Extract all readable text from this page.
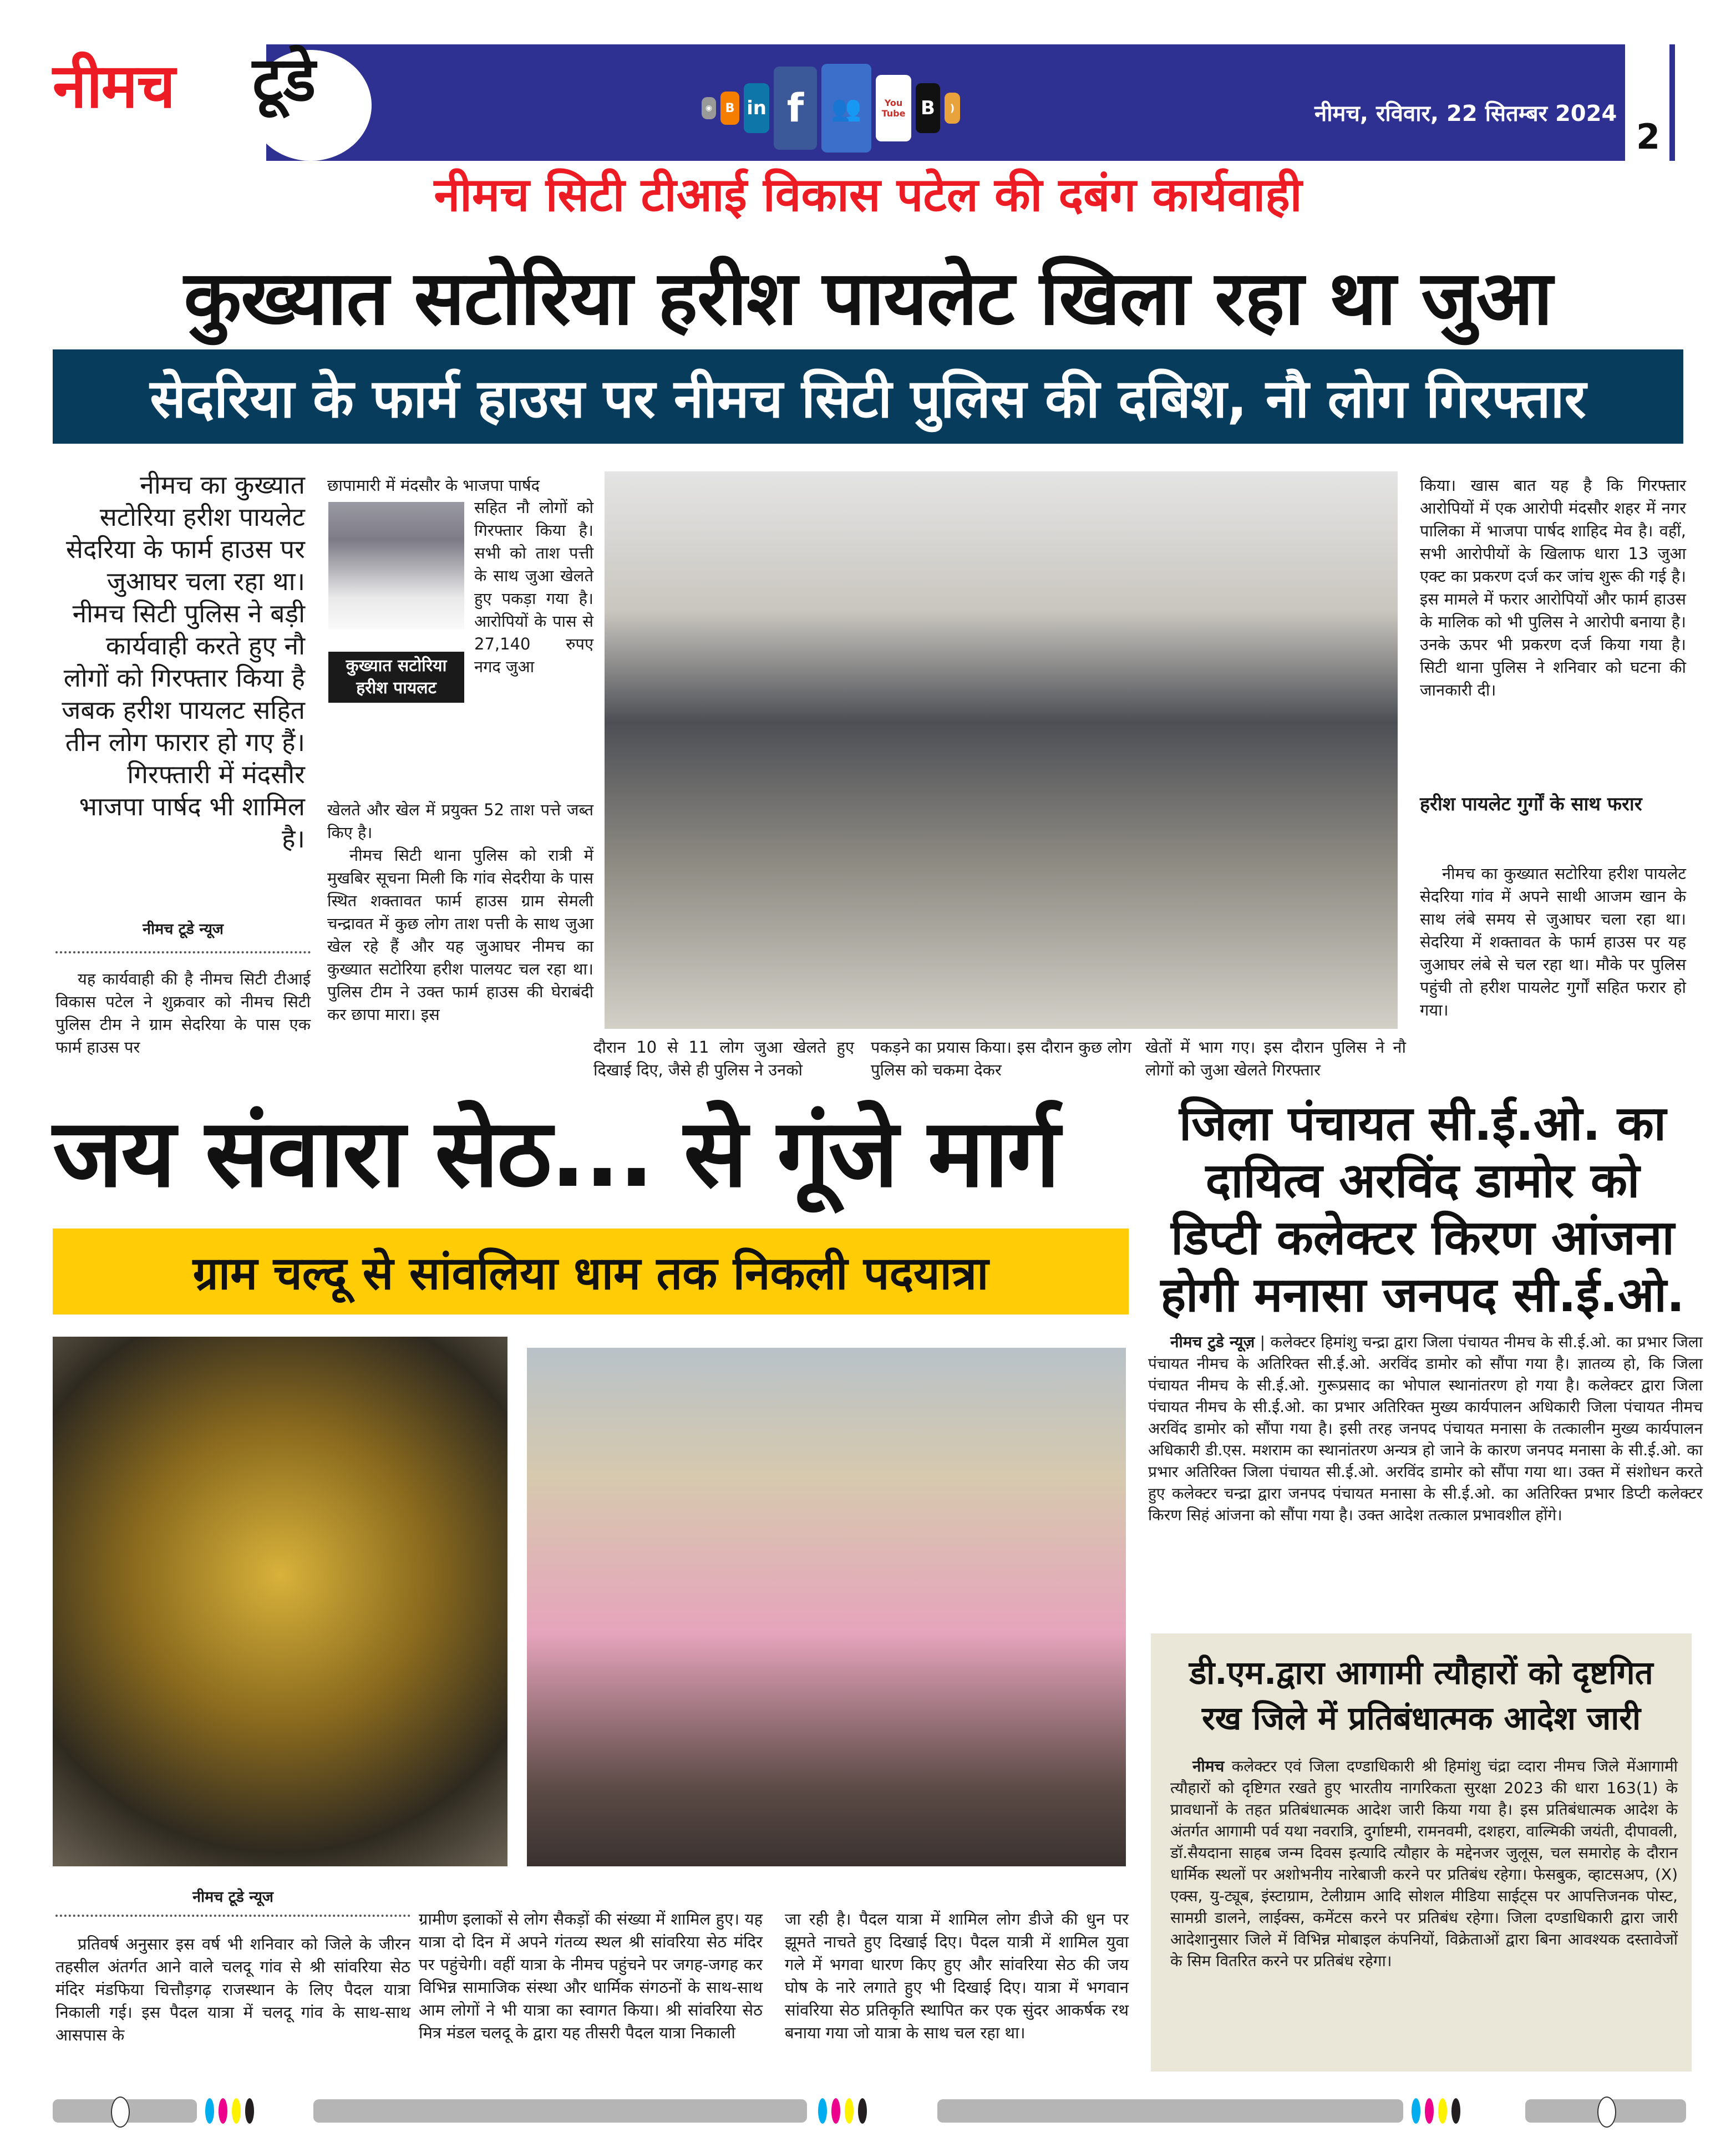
नीमच टूडे	◉	B in f	👥	You Tube B	)	नीमच, रविवार, 22 सितम्बर 2024
2
नीमच सिटी टीआई विकास पटेल की दबंग कार्यवाही
कुख्यात सटोरिया हरीश पायलेट खिला रहा था जुआ
सेदरिया के फार्म हाउस पर नीमच सिटी पुलिस की दबिश, नौ लोग गिरफ्तार
नीमच का कुख्यात सटोरिया हरीश पायलेट सेदरिया के फार्म हाउस पर जुआघर चला रहा था। नीमच सिटी पुलिस ने बड़ी कार्यवाही करते हुए नौ लोगों को गिरफ्तार किया है जबक हरीश पायलट सहित तीन लोग फारार हो गए हैं। गिरफ्तारी में मंदसौर भाजपा पार्षद भी शामिल है।
नीमच टूडे न्यूज
यह कार्यवाही की है नीमच सिटी टीआई विकास पटेल ने शुक्रवार को नीमच सिटी पुलिस टीम ने ग्राम सेदरिया के पास एक फार्म हाउस पर
छापामारी में मंदसौर के भाजपा पार्षद
कुख्यात सटोरिया
हरीश पायलट
सहित नौ लोगों को गिरफ्तार किया है। सभी को ताश पत्ती के साथ जुआ खेलते हुए पकड़ा गया है। आरोपियों के पास से 27,140 रुपए नगद जुआ
खेलते और खेल में प्रयुक्त 52 ताश पत्ते जब्त किए है।
नीमच सिटी थाना पुलिस को रात्री में मुखबिर सूचना मिली कि गांव सेदरीया के पास स्थित शक्तावत फार्म हाउस ग्राम सेमली चन्द्रावत में कुछ लोग ताश पत्ती के साथ जुआ खेल रहे हैं और यह जुआघर नीमच का कुख्यात सटोरिया हरीश पालयट चल रहा था। पुलिस टीम ने उक्त फार्म हाउस की घेराबंदी कर छापा मारा। इस
दौरान 10 से 11 लोग जुआ खेलते हुए दिखाई दिए, जैसे ही पुलिस ने उनको
पकड़ने का प्रयास किया। इस दौरान कुछ लोग पुलिस को चकमा देकर
खेतों में भाग गए। इस दौरान पुलिस ने नौ लोगों को जुआ खेलते गिरफ्तार
किया। खास बात यह है कि गिरफ्तार आरोपियों में एक आरोपी मंदसौर शहर में नगर पालिका में भाजपा पार्षद शाहिद मेव है। वहीं, सभी आरोपीयों के खिलाफ धारा 13 जुआ एक्ट का प्रकरण दर्ज कर जांच शुरू की गई है। इस मामले में फरार आरोपियों और फार्म हाउस के मालिक को भी पुलिस ने आरोपी बनाया है। उनके ऊपर भी प्रकरण दर्ज किया गया है। सिटी थाना पुलिस ने शनिवार को घटना की जानकारी दी।
हरीश पायलेट गुर्गों के साथ फरार
नीमच का कुख्यात सटोरिया हरीश पायलेट सेदरिया गांव में अपने साथी आजम खान के साथ लंबे समय से जुआघर चला रहा था। सेदरिया में शक्तावत के फार्म हाउस पर यह जुआघर लंबे से चल रहा था। मौके पर पुलिस पहुंची तो हरीश पायलेट गुर्गों सहित फरार हो गया।
जय संवारा सेठ... से गूंजे मार्ग
ग्राम चल्दू से सांवलिया धाम तक निकली पदयात्रा
नीमच टूडे न्यूज
प्रतिवर्ष अनुसार इस वर्ष भी शनिवार को जिले के जीरन तहसील अंतर्गत आने वाले चलदू गांव से श्री सांवरिया सेठ मंदिर मंडफिया चित्तौड़गढ़ राजस्थान के लिए पैदल यात्रा निकाली गई। इस पैदल यात्रा में चलदू गांव के साथ-साथ आसपास के
ग्रामीण इलाकों से लोग सैकड़ों की संख्या में शामिल हुए। यह यात्रा दो दिन में अपने गंतव्य स्थल श्री सांवरिया सेठ मंदिर पर पहुंचेगी। वहीं यात्रा के नीमच पहुंचने पर जगह-जगह कर विभिन्न सामाजिक संस्था और धार्मिक संगठनों के साथ-साथ आम लोगों ने भी यात्रा का स्वागत किया। श्री सांवरिया सेठ मित्र मंडल चलदू के द्वारा यह तीसरी पैदल यात्रा निकाली
जा रही है। पैदल यात्रा में शामिल लोग डीजे की धुन पर झूमते नाचते हुए दिखाई दिए। पैदल यात्री में शामिल युवा गले में भगवा धारण किए हुए और सांवरिया सेठ की जय घोष के नारे लगाते हुए भी दिखाई दिए। यात्रा में भगवान सांवरिया सेठ प्रतिकृति स्थापित कर एक सुंदर आकर्षक रथ बनाया गया जो यात्रा के साथ चल रहा था।
जिला पंचायत सी.ई.ओ. का
दायित्व अरविंद डामोर को
डिप्टी कलेक्टर किरण आंजना
होगी मनासा जनपद सी.ई.ओ.
नीमच टुडे न्यूज़ | कलेक्टर हिमांशु चन्द्रा द्वारा जिला पंचायत नीमच के सी.ई.ओ. का प्रभार जिला पंचायत नीमच के अतिरिक्त सी.ई.ओ. अरविंद डामोर को सौंपा गया है। ज्ञातव्य हो, कि जिला पंचायत नीमच के सी.ई.ओ. गुरूप्रसाद का भोपाल स्थानांतरण हो गया है। कलेक्टर द्वारा जिला पंचायत नीमच के सी.ई.ओ. का प्रभार अतिरिक्त मुख्य कार्यपालन अधिकारी जिला पंचायत नीमच अरविंद डामोर को सौंपा गया है। इसी तरह जनपद पंचायत मनासा के तत्कालीन मुख्य कार्यपालन अधिकारी डी.एस. मशराम का स्थानांतरण अन्यत्र हो जाने के कारण जनपद मनासा के सी.ई.ओ. का प्रभार अतिरिक्त जिला पंचायत सी.ई.ओ. अरविंद डामोर को सौंपा गया था। उक्त में संशोधन करते हुए कलेक्टर चन्द्रा द्वारा जनपद पंचायत मनासा के सी.ई.ओ. का अतिरिक्त प्रभार डिप्टी कलेक्टर किरण सिहं आंजना को सौंपा गया है। उक्त आदेश तत्काल प्रभावशील होंगे।
डी.एम.द्वारा आगामी त्यौहारों को दृष्टगित
रख जिले में प्रतिबंधात्मक आदेश जारी
नीमच कलेक्टर एवं जिला दण्डाधिकारी श्री हिमांशु चंद्रा व्दारा नीमच जिले मेंआगामी त्यौहारों को दृष्टिगत रखते हुए भारतीय नागरिकता सुरक्षा 2023 की धारा 163(1) के प्रावधानों के तहत प्रतिबंधात्मक आदेश जारी किया गया है। इस प्रतिबंधात्मक आदेश के अंतर्गत आगामी पर्व यथा नवरात्रि, दुर्गाष्टमी, रामनवमी, दशहरा, वाल्मिकी जयंती, दीपावली, डॉ.सैयदाना साहब जन्म दिवस इत्यादि त्यौहार के मद्देनजर जुलूस, चल समारोह के दौरान धार्मिक स्थलों पर अशोभनीय नारेबाजी करने पर प्रतिबंध रहेगा। फेसबुक, व्हाटसअप, (X) एक्स, यु-ट्यूब, इंस्टाग्राम, टेलीग्राम आदि सोशल मीडिया साईट्स पर आपत्तिजनक पोस्ट, सामग्री डालने, लाईक्स, कमेंटस करने पर प्रतिबंध रहेगा। जिला दण्डाधिकारी द्वारा जारी आदेशानुसार जिले में विभिन्न मोबाइल कंपनियों, विक्रेताओं द्वारा बिना आवश्यक दस्तावेजों के सिम वितरित करने पर प्रतिबंध रहेगा।
